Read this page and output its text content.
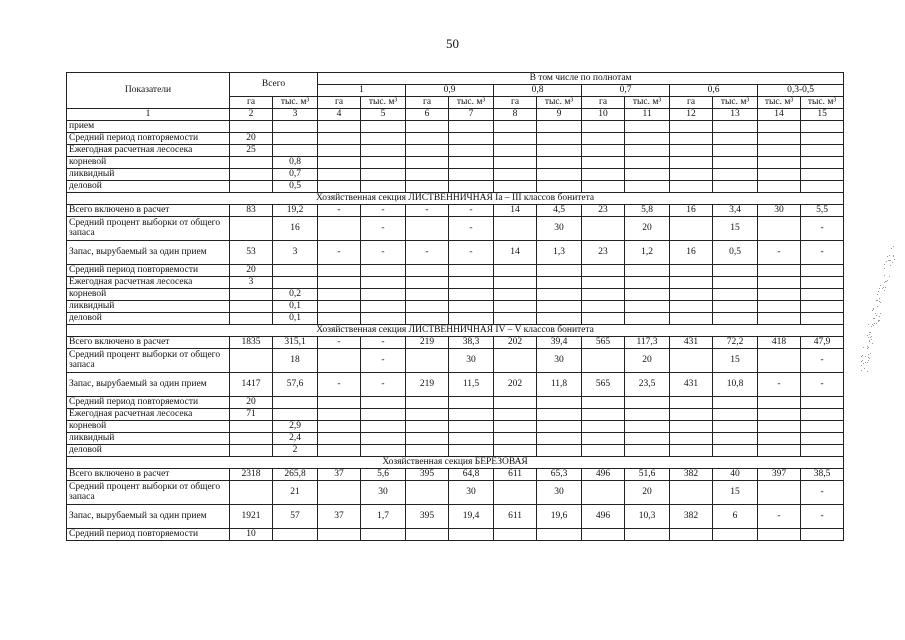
50
Показатели	Всего		В том числе по полнотам											
			1		0,9		0,8		0,7		0,6		0,3-0,5	
	га	тыс. м³	га	тыс. м³	га	тыс. м³	га	тыс. м³	га	тыс. м³	га	тыс. м³	тыс. м³	тыс. м³
1	2	3	4	5	6	7	8	9	10	11	12	13	14	15
прием														
Средний период повторяемости	20													
Ежегодная расчетная лесосека	25													
корневой		0,8												
ликвидный		0,7												
деловой		0,5												
Хозяйственная секция ЛИСТВЕННИЧНАЯ Ia – III классов бонитета														
Всего включено в расчет	83	19,2	-	-	-	-	14	4,5	23	5,8	16	3,4	30	5,5
Средний процент выборки от общего запаса		16		-		-		30		20		15		-
Запас, вырубаемый за один прием	53	3	-	-	-	-	14	1,3	23	1,2	16	0,5	-	-
Средний период повторяемости	20													
Ежегодная расчетная лесосека	3													
корневой		0,2												
ликвидный		0,1												
деловой		0,1												
Хозяйственная секция ЛИСТВЕННИЧНАЯ IV – V классов бонитета														
Всего включено в расчет	1835	315,1	-	-	219	38,3	202	39,4	565	117,3	431	72,2	418	47,9
Средний процент выборки от общего запаса		18		-		30		30		20		15		-
Запас, вырубаемый за один прием	1417	57,6	-	-	219	11,5	202	11,8	565	23,5	431	10,8	-	-
Средний период повторяемости	20													
Ежегодная расчетная лесосека	71													
корневой		2,9												
ликвидный		2,4												
деловой		2												
Хозяйственная секция БЕРЕЗОВАЯ														
Всего включено в расчет	2318	265,8	37	5,6	395	64,8	611	65,3	496	51,6	382	40	397	38,5
Средний процент выборки от общего запаса		21		30		30		30		20		15		-
Запас, вырубаемый за один прием	1921	57	37	1,7	395	19,4	611	19,6	496	10,3	382	6	-	-
Средний период повторяемости	10													
